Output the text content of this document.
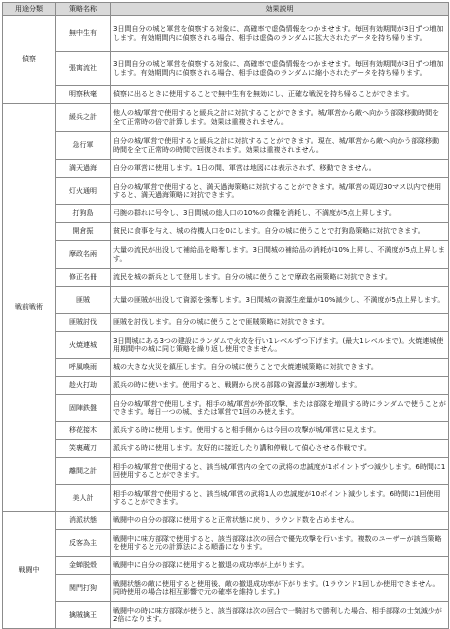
用途分類	策略名称	効果説明
偵察	無中生有	3日間自分の城と軍営を偵察する対象に、高確率で虚偽情報をつかませます。毎回有効期間が3日ずつ増加します。有効期間内に偵察される場合、相手は虚偽のランダムに拡大されたデータを持ち帰ります。
	張寓流社	3日間自分の城と軍営を偵察する対象に、高確率で虚偽情報をつかませます。毎回有効期間が3日ずつ増加します。有効期間内に偵察される場合、相手は虚偽のランダムに縮小されたデータを持ち帰ります。
	明察秋毫	偵察に出るときに使用することで無中生有を無効にし、正確な戦況を持ち帰ることができます。
戦前戦術	緩兵之計	他人の城/軍営で使用すると緩兵之計に対抗することができます。城/軍営から敵へ向かう部隊移動時間を全て正常時の倍で計算します。効果は重複されません。
	急行軍	自分の城/軍営で使用すると緩兵之計に対抗することができます。現在、城/軍営から敵へ向かう部隊移動時間を全て正常時の時間で回復されます。効果は重複されません。
	満天過海	自分の軍営に使用します。1日の間、軍営は地図には表示されず、移動できません。
	灯火通明	自分の城/軍営で使用すると、満天過海策略に対抗することができます。城/軍営の周辺30マス以内で使用すると、満天過海策略に対抗できます。
	打狗島	弓腕の群れに号令し、3日間城の総人口の10%の食糧を消耗し、不満度が5点上昇します。
	開倉振	貧民に食事を与え、城の待機人口を0にします。自分の城に使うことで打狗島策略に対抗できます。
	摩政名兩	大量の流民が出没して補給品を略奪します。3日間城の補給品の消耗が10%上昇し、不満度が5点上昇します。
	修正名冊	流民を城の新兵として登用します。自分の城に使うことで摩政名兩策略に対抗できます。
	匪賊	大量の匪賊が出没して資源を強奪します。3日間城の資源生産量が10%減少し、不満度が5点上昇します。
	匪賊討伐	匪賊を討伐します。自分の城に使うことで匪賊策略に対抗できます。
	火焼連城	3日間城にある3つの建設にランダムで火攻を行い1レベルずつ下げます。(最大1レベルまで)。火焼連城使用期間中の城に同じ策略を繰り返し使用できません。
	呼風喚雨	城の大きな火災を鎮圧します。自分の城に使うことで火焼連城策略に対抗できます。
	趁火打劫	派兵の時に使います。使用すると、戦闘から戻る部隊の資源量が3割増します。
	固陣鉄盤	自分の城/軍営で使用します。相手の城/軍営が外部攻撃、または部隊を増員する時にランダムで使うことができます。毎日一つの城、または軍営で1回のみ使えます。
	移花接木	派兵する時に使用します。使用すると相手側からは今回の攻撃が城/軍営に見えます。
	笑裏蔵刀	派兵する時に使用します。友好的に接近したり講和停戦して偵心させる作戦です。
	離間之計	相手の城/軍営で使用すると、該当城/軍営内の全ての武将の忠誠度が1ポイントずつ減少します。6時間に1回使用することができます。
	美人計	相手の城/軍営で使用すると、該当城/軍営の武将1人の忠誠度が10ポイント減少します。6時間に1回使用することができます。
戦闘中	消派状態	戦闘中の自分の部隊に使用すると正常状態に戻り、ラウンド数を占めません。
	反客為主	戦闘中に味方部隊で使用すると、該当部隊は次の回合で優先攻撃を行います。複数のユーザーが該当策略を使用すると元の計算法による順番になります。
	金蝉脱殻	戦闘中に自分の部隊に使用すると撤退の成功率が上がります。
	関門打狗	戦闘状態の敵に使用すると使用後、敵の撤退成功率が下がります。(1ラウンド1回しか使用できません。同時使用の場合は相互影響で元の確率を維持します。)
	擒賊擒王	戦闘中の時に味方部隊が使うと、該当部隊は次の回合で一騎討ちで勝利した場合、相手部隊の士気減少が2倍になります。
